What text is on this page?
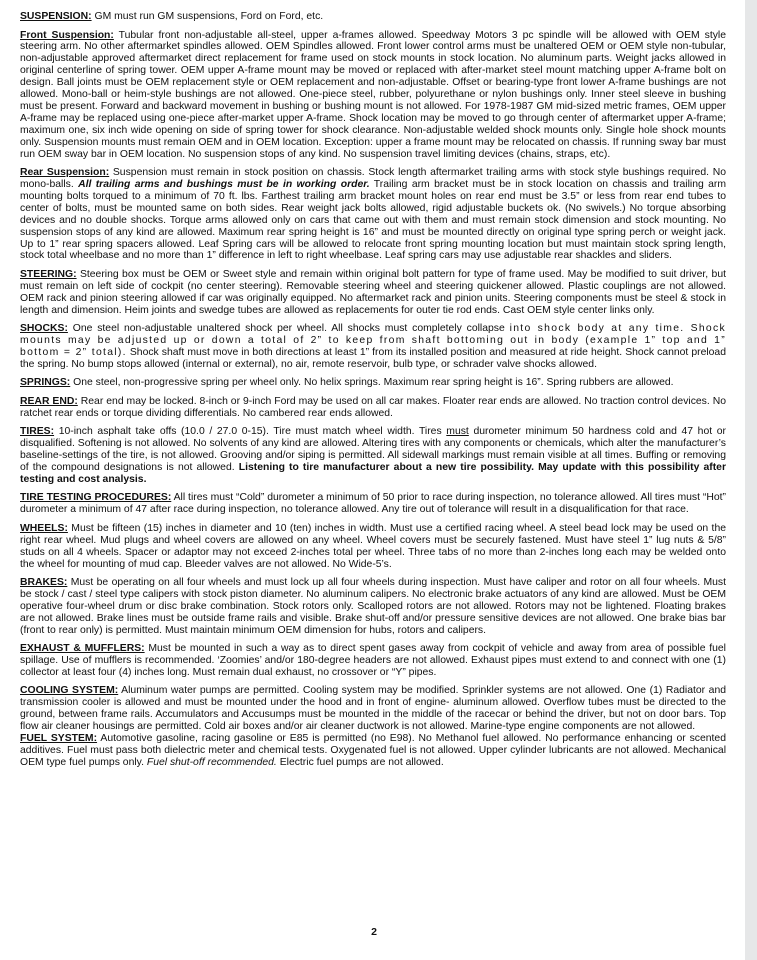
SUSPENSION: GM must run GM suspensions, Ford on Ford, etc.

Front Suspension: Tubular front non-adjustable all-steel, upper a-frames allowed. Speedway Motors 3 pc spindle will be allowed with OEM style steering arm. No other aftermarket spindles allowed. OEM Spindles allowed. Front lower control arms must be unaltered OEM or OEM style non-tubular, non-adjustable approved aftermarket direct replacement for frame used on stock mounts in stock location. No aluminum parts. Weight jacks allowed in original centerline of spring tower. OEM upper A-frame mount may be moved or replaced with after-market steel mount matching upper A-frame bolt on design. Ball joints must be OEM replacement style or OEM replacement and non-adjustable. Offset or bearing-type front lower A-frame bushings are not allowed. Mono-ball or heim-style bushings are not allowed. One-piece steel, rubber, polyurethane or nylon bushings only. Inner steel sleeve in bushing must be present. Forward and backward movement in bushing or bushing mount is not allowed. For 1978-1987 GM mid-sized metric frames, OEM upper A-frame may be replaced using one-piece after-market upper A-frame. Shock location may be moved to go through center of aftermarket upper A-frame; maximum one, six inch wide opening on side of spring tower for shock clearance. Non-adjustable welded shock mounts only. Single hole shock mounts only. Suspension mounts must remain OEM and in OEM location. Exception: upper a frame mount may be relocated on chassis. If running sway bar must run OEM sway bar in OEM location. No suspension stops of any kind. No suspension travel limiting devices (chains, straps, etc).

Rear Suspension: Suspension must remain in stock position on chassis. Stock length aftermarket trailing arms with stock style bushings required. No mono-balls. All trailing arms and bushings must be in working order. Trailing arm bracket must be in stock location on chassis and trailing arm mounting bolts torqued to a minimum of 70 ft. lbs. Farthest trailing arm bracket mount holes on rear end must be 3.5” or less from rear end tubes to center of bolts, must be mounted same on both sides. Rear weight jack bolts allowed, rigid adjustable buckets ok. (No swivels.) No torque absorbing devices and no double shocks. Torque arms allowed only on cars that came out with them and must remain stock dimension and stock mounting. No suspension stops of any kind are allowed. Maximum rear spring height is 16” and must be mounted directly on original type spring perch or weight jack. Up to 1” rear spring spacers allowed. Leaf Spring cars will be allowed to relocate front spring mounting location but must maintain stock spring length, stock total wheelbase and no more than 1” difference in left to right wheelbase. Leaf spring cars may use adjustable rear shackles and sliders.

STEERING: Steering box must be OEM or Sweet style and remain within original bolt pattern for type of frame used. May be modified to suit driver, but must remain on left side of cockpit (no center steering). Removable steering wheel and steering quickener allowed. Plastic couplings are not allowed. OEM rack and pinion steering allowed if car was originally equipped. No aftermarket rack and pinion units. Steering components must be steel & stock in length and dimension. Heim joints and swedge tubes are allowed as replacements for outer tie rod ends. Cast OEM style center links only.

SHOCKS: One steel non-adjustable unaltered shock per wheel. All shocks must completely collapse into shock body at any time. Shock mounts may be adjusted up or down a total of 2” to keep from shaft bottoming out in body (example 1” top and 1” bottom = 2” total). Shock shaft must move in both directions at least 1” from its installed position and measured at ride height. Shock cannot preload the spring. No bump stops allowed (internal or external), no air, remote reservoir, bulb type, or schrader valve shocks allowed.

SPRINGS: One steel, non-progressive spring per wheel only. No helix springs. Maximum rear spring height is 16”. Spring rubbers are allowed.

REAR END: Rear end may be locked. 8-inch or 9-inch Ford may be used on all car makes. Floater rear ends are allowed. No traction control devices. No ratchet rear ends or torque dividing differentials. No cambered rear ends allowed.

TIRES: 10-inch asphalt take offs (10.0 / 27.0 0-15). Tire must match wheel width. Tires must durometer minimum 50 hardness cold and 47 hot or disqualified. Softening is not allowed. No solvents of any kind are allowed. Altering tires with any components or chemicals, which alter the manufacturer’s baseline-settings of the tire, is not allowed. Grooving and/or siping is permitted. All sidewall markings must remain visible at all times. Buffing or removing of the compound designations is not allowed. Listening to tire manufacturer about a new tire possibility. May update with this possibility after testing and cost analysis.

TIRE TESTING PROCEDURES: All tires must “Cold” durometer a minimum of 50 prior to race during inspection, no tolerance allowed. All tires must “Hot” durometer a minimum of 47 after race during inspection, no tolerance allowed. Any tire out of tolerance will result in a disqualification for that race.

WHEELS: Must be fifteen (15) inches in diameter and 10 (ten) inches in width. Must use a certified racing wheel. A steel bead lock may be used on the right rear wheel. Mud plugs and wheel covers are allowed on any wheel. Wheel covers must be securely fastened. Must have steel 1” lug nuts & 5/8” studs on all 4 wheels. Spacer or adaptor may not exceed 2-inches total per wheel. Three tabs of no more than 2-inches long each may be welded onto the wheel for mounting of mud cap. Bleeder valves are not allowed. No Wide-5’s.

BRAKES: Must be operating on all four wheels and must lock up all four wheels during inspection. Must have caliper and rotor on all four wheels. Must be stock / cast / steel type calipers with stock piston diameter. No aluminum calipers. No electronic brake actuators of any kind are allowed. Must be OEM operative four-wheel drum or disc brake combination. Stock rotors only. Scalloped rotors are not allowed. Rotors may not be lightened. Floating brakes are not allowed. Brake lines must be outside frame rails and visible. Brake shut-off and/or pressure sensitive devices are not allowed. One brake bias bar (front to rear only) is permitted. Must maintain minimum OEM dimension for hubs, rotors and calipers.

EXHAUST & MUFFLERS: Must be mounted in such a way as to direct spent gases away from cockpit of vehicle and away from area of possible fuel spillage. Use of mufflers is recommended. ‘Zoomies’ and/or 180-degree headers are not allowed. Exhaust pipes must extend to and connect with one (1) collector at least four (4) inches long. Must remain dual exhaust, no crossover or “Y” pipes.

COOLING SYSTEM: Aluminum water pumps are permitted. Cooling system may be modified. Sprinkler systems are not allowed. One (1) Radiator and transmission cooler is allowed and must be mounted under the hood and in front of engine- aluminum allowed. Overflow tubes must be directed to the ground, between frame rails. Accumulators and Accusumps must be mounted in the middle of the racecar or behind the driver, but not on door bars. Top flow air cleaner housings are permitted. Cold air boxes and/or air cleaner ductwork is not allowed. Marine-type engine components are not allowed.

FUEL SYSTEM: Automotive gasoline, racing gasoline or E85 is permitted (no E98). No Methanol fuel allowed. No performance enhancing or scented additives. Fuel must pass both dielectric meter and chemical tests. Oxygenated fuel is not allowed. Upper cylinder lubricants are not allowed. Mechanical OEM type fuel pumps only. Fuel shut-off recommended. Electric fuel pumps are not allowed.

2
